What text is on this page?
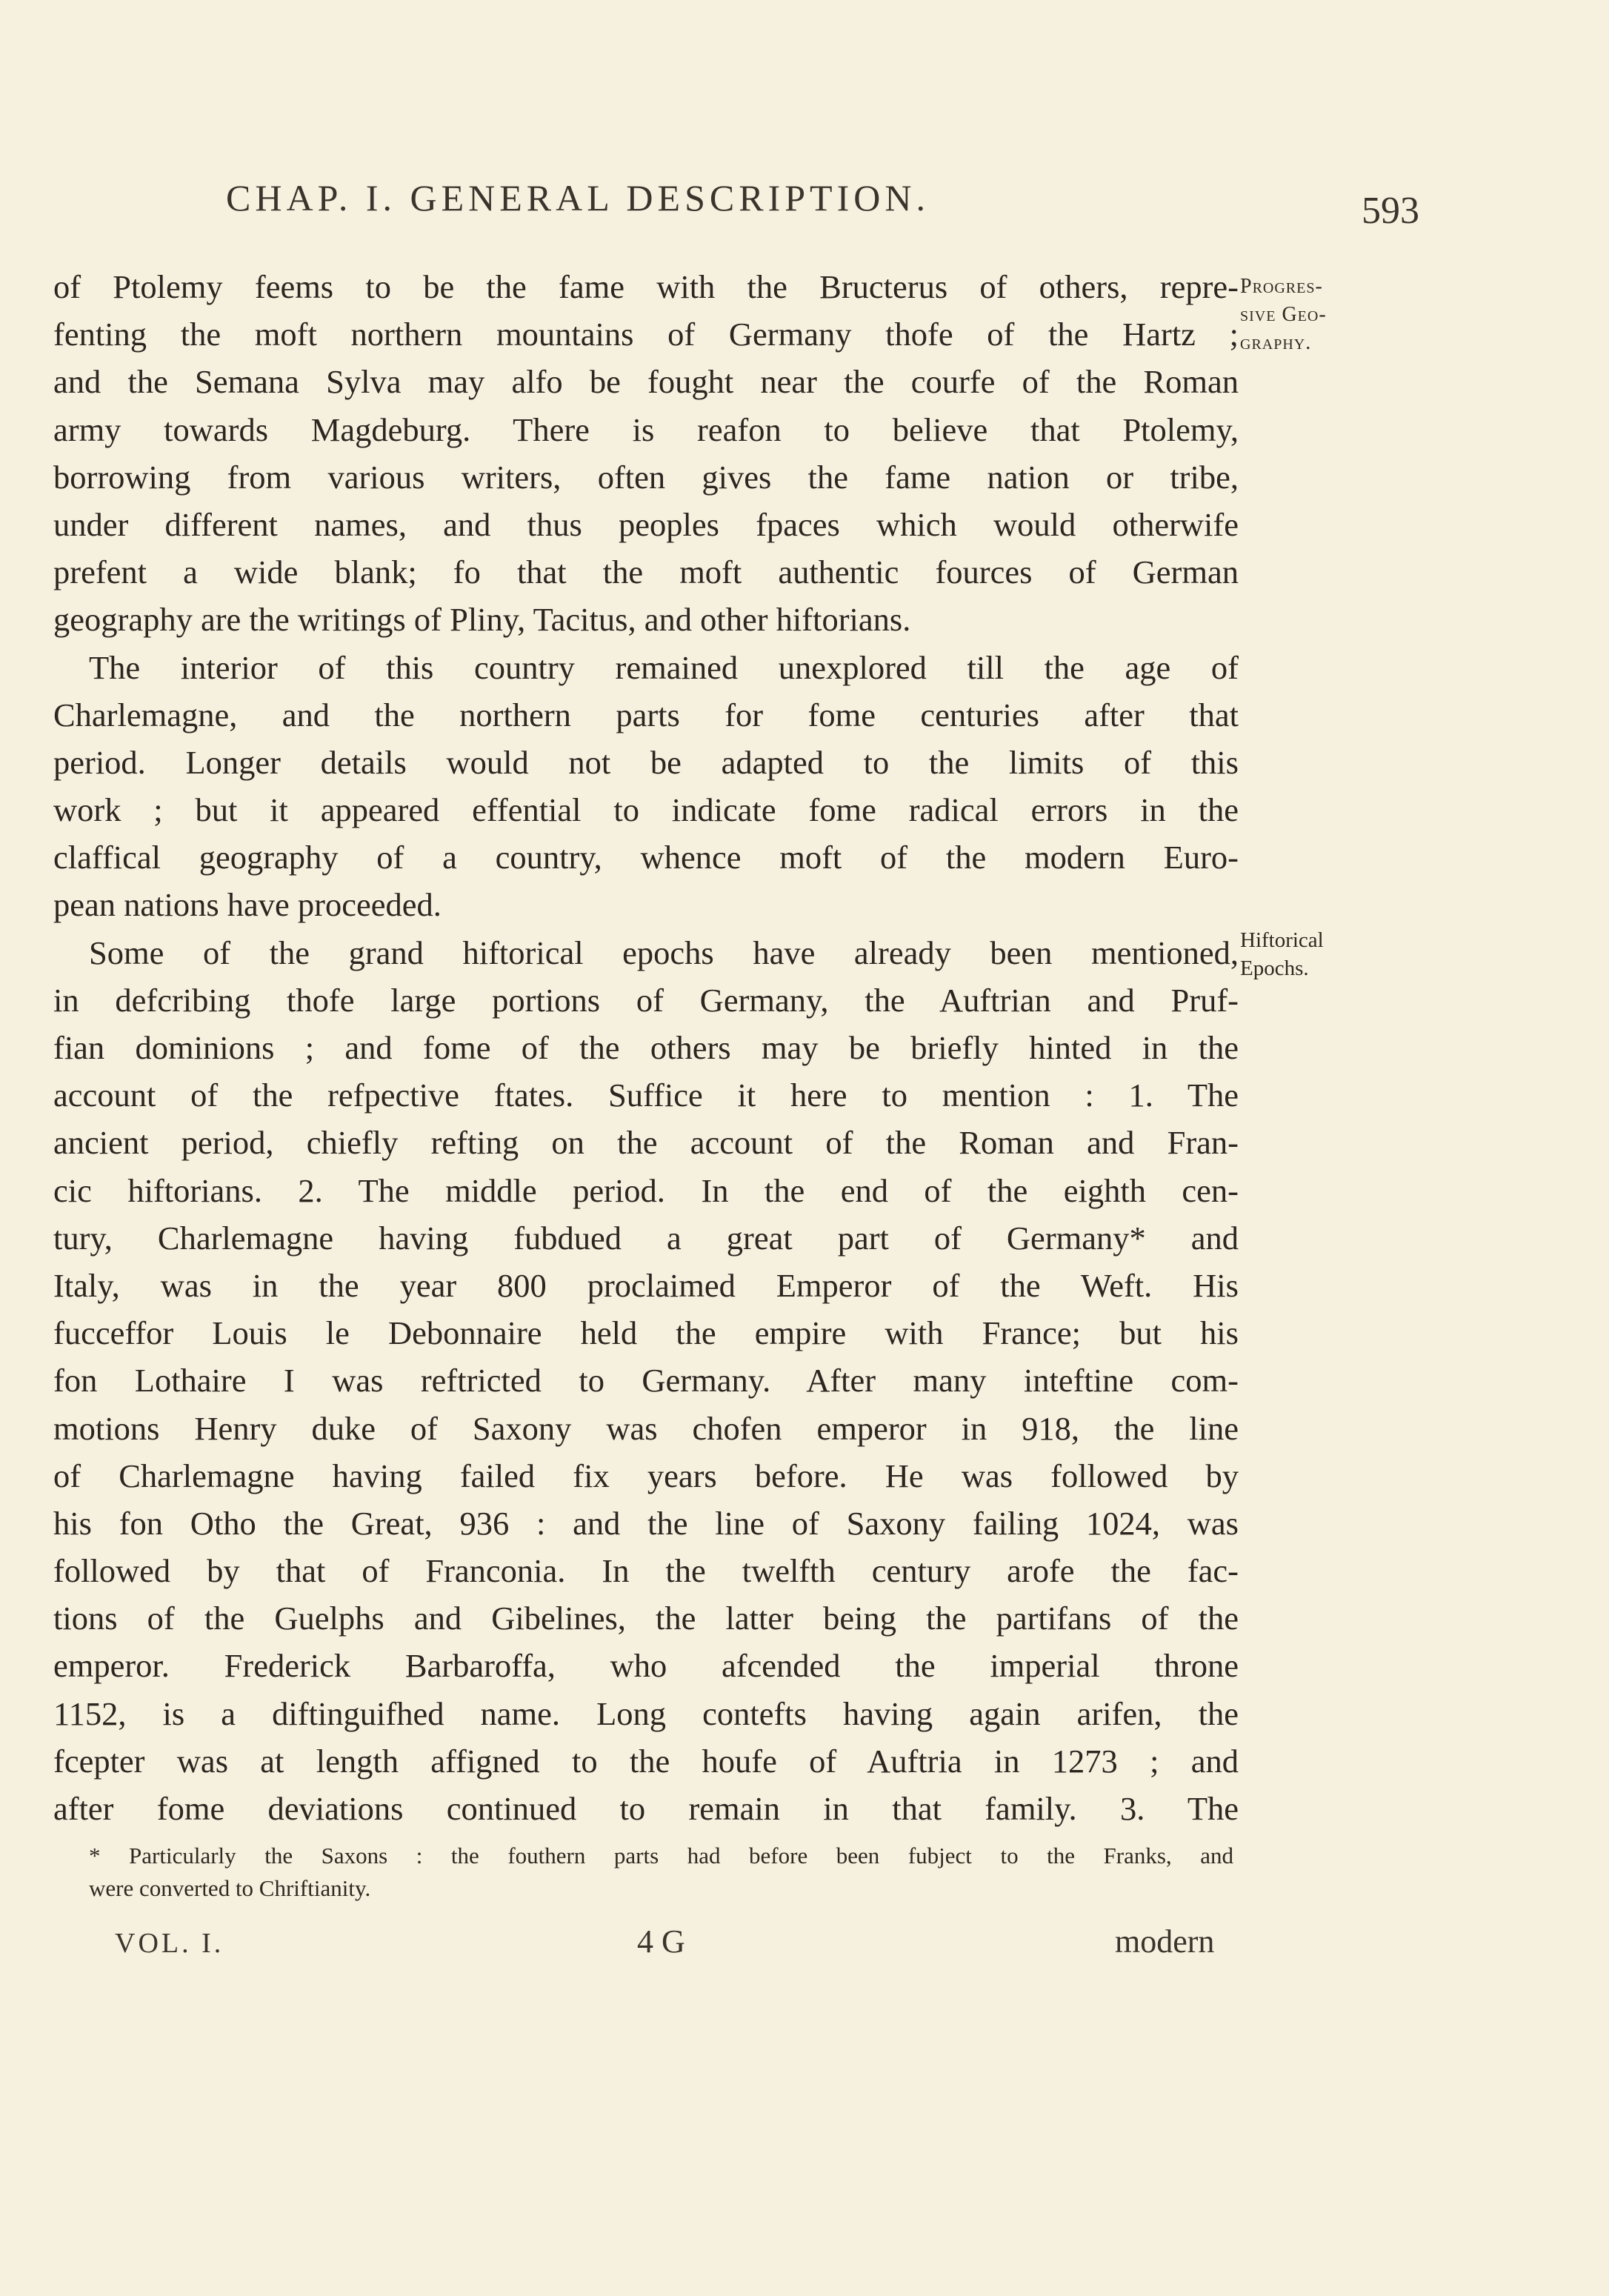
CHAP. I. GENERAL DESCRIPTION.	593
of Ptolemy feems to be the fame with the Bructerus of others, repre-
fenting the moft northern mountains of Germany thofe of the Hartz ;
and the Semana Sylva may alfo be fought near the courfe of the Roman
army towards Magdeburg. There is reafon to believe that Ptolemy,
borrowing from various writers, often gives the fame nation or tribe,
under different names, and thus peoples fpaces which would otherwife
prefent a wide blank; fo that the moft authentic fources of German
geography are the writings of Pliny, Tacitus, and other hiftorians.
The interior of this country remained unexplored till the age of
Charlemagne, and the northern parts for fome centuries after that
period. Longer details would not be adapted to the limits of this
work ; but it appeared effential to indicate fome radical errors in the
claffical geography of a country, whence moft of the modern Euro-
pean nations have proceeded.
Some of the grand hiftorical epochs have already been mentioned,
in defcribing thofe large portions of Germany, the Auftrian and Pruf-
fian dominions ; and fome of the others may be briefly hinted in the
account of the refpective ftates. Suffice it here to mention : 1. The
ancient period, chiefly refting on the account of the Roman and Fran-
cic hiftorians. 2. The middle period. In the end of the eighth cen-
tury, Charlemagne having fubdued a great part of Germany* and
Italy, was in the year 800 proclaimed Emperor of the Weft. His
fucceffor Louis le Debonnaire held the empire with France; but his
fon Lothaire I was reftricted to Germany. After many inteftine com-
motions Henry duke of Saxony was chofen emperor in 918, the line
of Charlemagne having failed fix years before. He was followed by
his fon Otho the Great, 936 : and the line of Saxony failing 1024, was
followed by that of Franconia. In the twelfth century arofe the fac-
tions of the Guelphs and Gibelines, the latter being the partifans of the
emperor. Frederick Barbaroffa, who afcended the imperial throne
1152, is a diftinguifhed name. Long contefts having again arifen, the
fcepter was at length affigned to the houfe of Auftria in 1273 ; and
after fome deviations continued to remain in that family. 3. The
Progres-
sive Geo-
graphy.
Hiftorical
Epochs.
* Particularly the Saxons : the fouthern parts had before been fubject to the Franks, and
were converted to Chriftianity.
VOL. I.	4 G	modern
